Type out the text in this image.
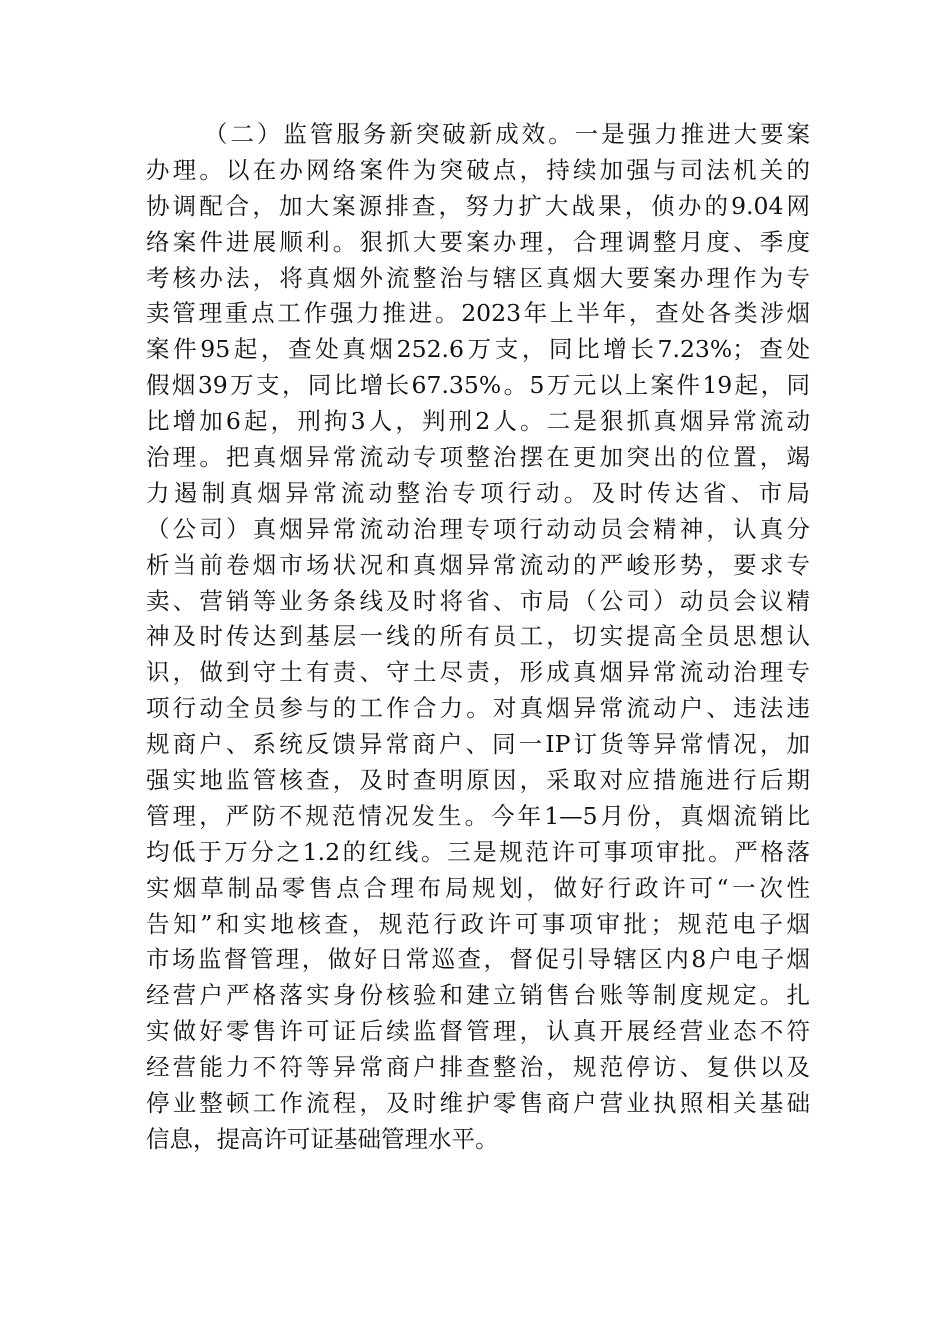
（二）监管服务新突破新成效。一是强力推进大要案
办理。以在办网络案件为突破点，持续加强与司法机关的
协调配合，加大案源排查，努力扩大战果，侦办的9.04网
络案件进展顺利。狠抓大要案办理，合理调整月度、季度
考核办法，将真烟外流整治与辖区真烟大要案办理作为专
卖管理重点工作强力推进。2023年上半年，查处各类涉烟
案件95起，查处真烟252.6万支，同比增长7.23%；查处
假烟39万支，同比增长67.35%。5万元以上案件19起，同
比增加6起，刑拘3人，判刑2人。二是狠抓真烟异常流动
治理。把真烟异常流动专项整治摆在更加突出的位置，竭
力遏制真烟异常流动整治专项行动。及时传达省、市局
（公司）真烟异常流动治理专项行动动员会精神，认真分
析当前卷烟市场状况和真烟异常流动的严峻形势，要求专
卖、营销等业务条线及时将省、市局（公司）动员会议精
神及时传达到基层一线的所有员工，切实提高全员思想认
识，做到守土有责、守土尽责，形成真烟异常流动治理专
项行动全员参与的工作合力。对真烟异常流动户、违法违
规商户、系统反馈异常商户、同一IP订货等异常情况，加
强实地监管核查，及时查明原因，采取对应措施进行后期
管理，严防不规范情况发生。今年1—5月份，真烟流销比
均低于万分之1.2的红线。三是规范许可事项审批。严格落
实烟草制品零售点合理布局规划，做好行政许可“一次性
告知”和实地核查，规范行政许可事项审批；规范电子烟
市场监督管理，做好日常巡查，督促引导辖区内8户电子烟
经营户严格落实身份核验和建立销售台账等制度规定。扎
实做好零售许可证后续监督管理，认真开展经营业态不符
经营能力不符等异常商户排查整治，规范停访、复供以及
停业整顿工作流程，及时维护零售商户营业执照相关基础
信息，提高许可证基础管理水平。
